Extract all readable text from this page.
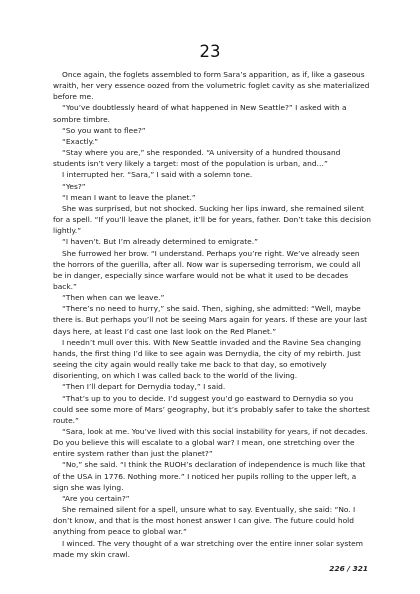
23

Once again, the foglets assembled to form Sara’s apparition, as if, like a gaseous wraith, her very essence oozed from the volumetric foglet cavity as she materialized before me.

“You’ve doubtlessly heard of what happened in New Seattle?” I asked with a sombre timbre.

“So you want to flee?”

“Exactly.”

“Stay where you are,” she responded. “A university of a hundred thousand students isn’t very likely a target: most of the population is urban, and…”

I interrupted her. “Sara,” I said with a solemn tone.

“Yes?”

“I mean I want to leave the planet.”

She was surprised, but not shocked. Sucking her lips inward, she remained silent for a spell. “If you’ll leave the planet, it’ll be for years, father. Don’t take this decision lightly.”

“I haven’t. But I’m already determined to emigrate.”

She furrowed her brow. “I understand. Perhaps you’re right. We’ve already seen the horrors of the guerilla, after all. Now war is superseding terrorism, we could all be in danger, especially since warfare would not be what it used to be decades back.”

“Then when can we leave.”

“There’s no need to hurry,” she said. Then, sighing, she admitted: “Well, maybe there is. But perhaps you’ll not be seeing Mars again for years. If these are your last days here, at least I’d cast one last look on the Red Planet.”

I needn’t mull over this. With New Seattle invaded and the Ravine Sea changing hands, the first thing I’d like to see again was Dernydia, the city of my rebirth. Just seeing the city again would really take me back to that day, so emotively disorienting, on which I was called back to the world of the living.

“Then I’ll depart for Dernydia today,” I said.

“That’s up to you to decide. I’d suggest you’d go eastward to Dernydia so you could see some more of Mars’ geography, but it’s probably safer to take the shortest route.”

“Sara, look at me. You’ve lived with this social instability for years, if not decades. Do you believe this will escalate to a global war? I mean, one stretching over the entire system rather than just the planet?”

“No,” she said. “I think the RUOH’s declaration of independence is much like that of the USA in 1776. Nothing more.” I noticed her pupils rolling to the upper left, a sign she was lying.

“Are you certain?”

She remained silent for a spell, unsure what to say. Eventually, she said: “No. I don’t know, and that is the most honest answer I can give. The future could hold anything from peace to global war.”

I winced. The very thought of a war stretching over the entire inner solar system made my skin crawl.

226 / 321
